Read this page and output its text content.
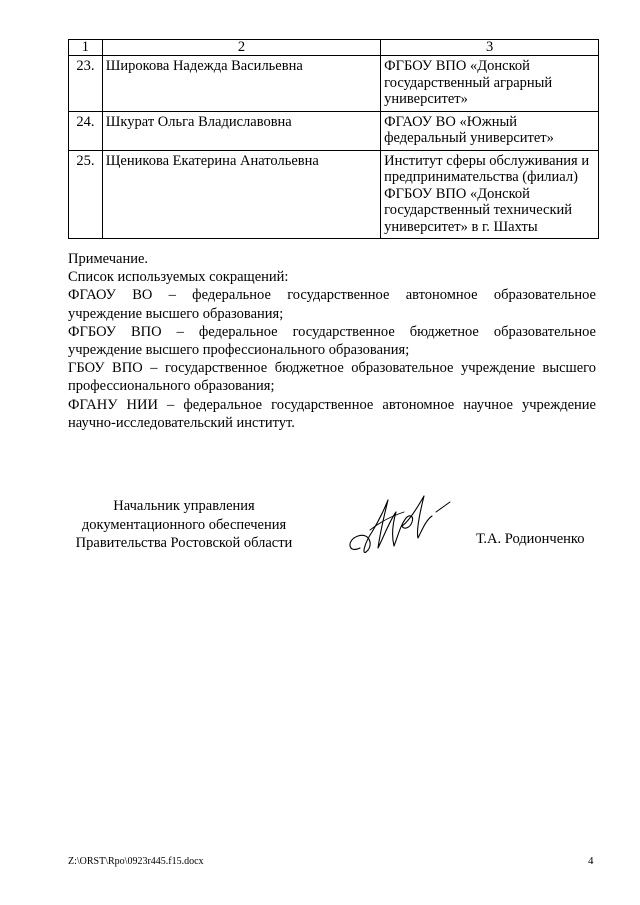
1	2	3
23.	Широкова Надежда Васильевна	ФГБОУ ВПО «Донской
государственный аграрный
университет»

24.	Шкурат Ольга Владиславовна	ФГАОУ ВО «Южный
федеральный университет»

25.	Щеникова Екатерина Анатольевна	Институт сферы обслуживания и
предпринимательства (филиал)
ФГБОУ ВПО «Донской
государственный технический
университет» в г. Шахты

Примечание.

Список используемых сокращений:

ФГАОУ ВО – федеральное государственное автономное образовательное учреждение высшего образования;

ФГБОУ ВПО – федеральное государственное бюджетное образовательное учреждение высшего профессионального образования;

ГБОУ ВПО – государственное бюджетное образовательное учреждение высшего профессионального образования;

ФГАНУ НИИ – федеральное государственное автономное научное учреждение научно-исследовательский институт.

Начальник управления
документационного обеспечения
Правительства Ростовской области	Т.А. Родионченко
Z:\ORST\Rpo\0923r445.f15.docx	4
